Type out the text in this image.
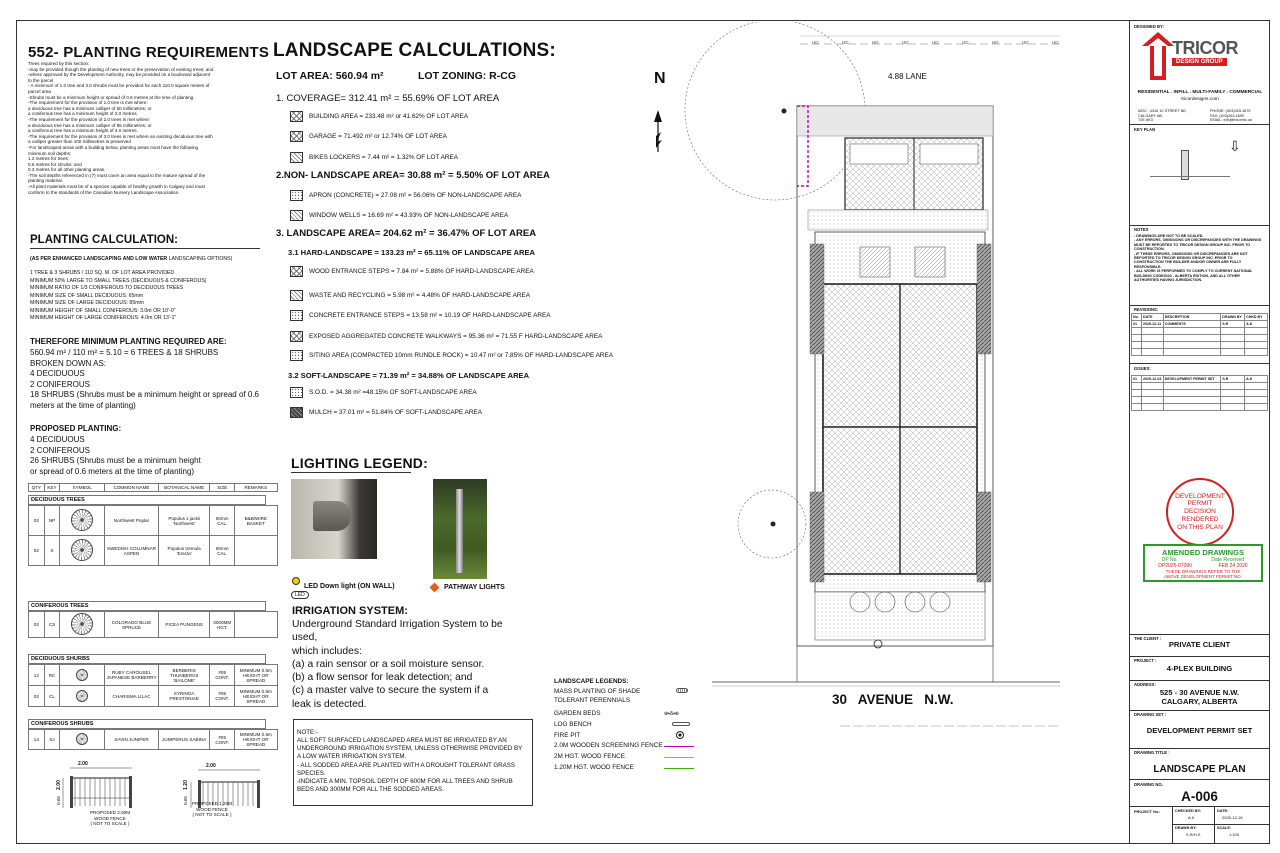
552- PLANTING REQUIREMENTS
Trees required by this section:
-may be provided though the planting of new trees or the preservation of existing trees; and
-where approved by the Development Authority, may be provided on a boulevard adjacent
to the parcel
- A minimum of 1.0 tree and 3.0 shrubs must be provided for each 110.0 square meters of
parcel area
-Shrubs must be a minimum height or spread of 0.6 metres at the time of planting.
-The requirement for the provision of 1.0 tree is met where:
a deciduous tree has a minimum calliper of 50 millimetres; or
a coniferous tree has a minimum height of 2.0 metres.
-The requirement for the provision of 2.0 trees is met where:
a deciduous tree has a minimum calliper of 85 millimetres; or
a coniferous tree has a minimum height of 4.0 metres.
-The requirement for the provision of 3.0 trees is met where an existing deciduous tree with
a calliper greater than 100 millimetres is preserved
-For landscaped areas with a building below, planting areas must have the following
minimum soil depths:
1.2 metres for trees;
0.6 metres for shrubs; and
0.3 metres for all other planting areas.
-The soil depths referenced in (7) must cover an area equal to the mature spread of the
planting material.
-All plant materials must be of a species capable of healthy growth in Calgary and must
conform to the standards of the Canadian Nursery Landscape Association.
PLANTING CALCULATION:
(AS PER ENHANCED LANDSCAPING AND LOW WATER LANDSCAPING OPTIONS)
1 TREE & 3 SHRUBS / 110 SQ. M. OF LOT AREA PROVIDED
MINIMUM 50% LARGE TO SMALL TREES (DECIDUOUS & CONIFEROUS)
MINIMUM RATIO OF 1/3 CONIFEROUS TO DECIDUOUS TREES
MINIMUM SIZE OF SMALL DECIDUOUS: 65mm
MINIMUM SIZE OF LARGE DECIDUOUS: 85mm
MINIMUM HEIGHT OF SMALL CONIFEROUS: 3.0m OR 10'-0"
MINIMUM HEIGHT OF LARGE CONIFEROUS: 4.0m OR 13'-1"
THEREFORE MINIMUM PLANTING REQUIRED ARE:
560.94 m² / 110 m² = 5.10 = 6 TREES & 18 SHRUBS
BROKEN DOWN AS:
4 DECIDUOUS
2 CONIFEROUS
18 SHRUBS (Shrubs must be a minimum height or spread of 0.6
meters at the time of planting)
PROPOSED PLANTING:
4 DECIDUOUS
2 CONIFEROUS
26 SHRUBS (Shrubs must be a minimum height
or spread of 0.6 meters at the time of planting)
QTY	KEY	SYMBOL	COMMON NAME	BOTANICAL NAME	SIZE	REMARKS
DECIDUOUS TREES
02	NP		Northwest Poplar	Populus x jackii 'Northwest'	60mm CAL.	B&B/WIRE BASKET
02	S		SWEDISH COLUMNAR ASPEN	Populus tremula 'Erecta'	60mm CAL.	
CONIFEROUS TREES
02	CS		COLORADO BLUE SPRUCE	PICEA PUNGENS	3000MM HGT.	
DECIDUOUS SHURBS
12	RC		RUBY CAROUSEL JAPANESE BARBERRY	BERBERIS THUNBERGII 'BAILONE'	#05 CONT.	MINIMUM 0.6m HEIGHT OR SPREAD
02	CL		CHARISMA LILAC	SYRINGA PRESTONIAE	#05 CONT.	MINIMUM 0.6m HEIGHT OR SPREAD
CONIFEROUS SHRUBS
14	SJ		SAVIN JUNIPER	JUNIPERUS SABINA	#05 CONT.	MINIMUM 0.6m HEIGHT OR SPREAD
2.00
2.00
0.65
PROPOSED 2.00M
WOOD FENCE
( NOT TO SCALE )
2.00
1.20
0.65 PROPOSED 1.20M
WOOD FENCE
( NOT TO SCALE )
LANDSCAPE CALCULATIONS:
LOT AREA: 560.94 m²	LOT ZONING: R-CG
1. COVERAGE= 312.41 m² = 55.69% OF LOT AREA
BUILDING AREA = 233.48 m² or 41.62% OF LOT AREA
GARAGE = 71.492 m² or 12.74% OF LOT AREA
BIKES LOCKERS = 7.44 m² = 1.32% OF LOT AREA
2.NON- LANDSCAPE AREA= 30.88 m² = 5.50% OF LOT AREA
APRON (CONCRETE) = 27.08 m² = 56.06% OF NON-LANDSCAPE AREA
WINDOW WELLS = 16.69 m² = 43.93% OF NON-LANDSCAPE AREA
3. LANDSCAPE AREA= 204.62 m² = 36.47% OF LOT AREA
3.1 HARD-LANDSCAPE = 133.23 m² = 65.11% OF LANDSCAPE AREA
WOOD ENTRANCE STEPS = 7.84 m² = 5.88% OF HARD-LANDSCAPE AREA
WASTE AND RECYCLING = 5.98 m² = 4.48% OF HARD-LANDSCAPE AREA
CONCRETE ENTRANCE STEPS = 13.58 m² = 10.19 OF HARD-LANDSCAPE AREA
EXPOSED AGGREGATED CONCRETE WALKWAYS = 95.36 m² = 71.55 F HARD-LANDSCAPE AREA
SITING AREA (COMPACTED 10mm RUNDLE ROCK) = 10.47 m² or 7.85% OF HARD-LANDSCAPE AREA
3.2 SOFT-LANDSCAPE = 71.39 m² = 34.88% OF LANDSCAPE AREA
S.O.D. = 34.38 m² =48.15% OF SOFT-LANDSCAPE AREA
MULCH = 37.01 m² = 51.84% OF SOFT-LANDSCAPE AREA
LIGHTING LEGEND:
LED Down light (ON WALL)
LED
PATHWAY LIGHTS
IRRIGATION SYSTEM:
Underground Standard Irrigation System to be
used,
which includes:
(a) a rain sensor or a soil moisture sensor.
(b) a flow sensor for leak detection; and
(c) a master valve to secure the system if a
leak is detected.
NOTE:-
ALL SOFT SURFACED LANDSCAPED AREA MUST BE IRRIGATED BY AN
UNDERGROUND IRRIGATION SYSTEM, UNLESS OTHERWISE PROVIDED BY
A LOW WATER IRRIGATION SYSTEM.
- ALL SODDED AREA ARE PLANTED WITH A DROUGHT TOLERANT GRASS
SPECIES.
-INDICATE A MIN. TOPSOIL DEPTH OF 600M FOR ALL TREES AND SHRUB
BEDS AND 300MM FOR ALL THE SODDED AREAS.
LANDSCAPE LEGENDS:
MASS PLANTING OF SHADE
TOLERANT PERENNIALS
GARDEN BEDS
LOG BENCH
FIRE PIT
2.0M WOODEN SCREENING FENCE
2M HGT. WOOD FENCE
1.20M HGT. WOOD FENCE
⊕•⁂•⊕
N	4.88 LANE
30   AVENUE   N.W.
HD	HD	HD	HD	HD	HD	HD	HD	HD
DESIGNED BY:
TRICOR
DESIGN GROUP
RESIDENTIAL . INFILL . MULTI-FAMILY . COMMERCIAL
tricordesigns.com
#202 - 4316 10 STREET NE,
CALGARY AB,
T2E 6K3
PHONE: (403)263-1675
FAX: (403)263-1690
EMAIL: info@tricorinc.ca
KEY PLAN
⇩
NOTES
- DRAWINGS ARE NOT TO BE SCALED.
- ANY ERRORS, OMISSIONS OR DISCREPANCIES WITH THE DRAWINGS
MUST BE REPORTED TO TRICOR DESIGN GROUP INC. PRIOR TO
CONSTRUCTION.
- IF THESE ERRORS, OMISSIONS OR DISCREPANCIES ARE NOT
REPORTED TO TRICOR DESIGN GROUP INC. PRIOR TO
CONSTRUCTION THE BUILDER AND/OR OWNER ARE FULLY
RESPONSIBLE.
- ALL WORK IS PERFORMED TO COMPLY TO CURRENT NATIONAL
BUILDING CODE2023 - ALBERTA EDITION, AND ALL OTHER
AUTHORITIES HAVING JURISDICTION.
REVISIONS:
No.	DATE	DESCRIPTION	DRAWN BY	CHKD BY
01	2025-12-11	COMMENTS	S.R	A.K

ISSUES:
01	2025-12-03	DEVELOPMENT PERMIT SET	S.R	A.K

DEVELOPMENT
PERMIT
DECISION
RENDERED
ON THIS PLAN
AMENDED DRAWINGS
DP No.	Date Received
DP2025-07090	FEB 24 2026
THESE DRAWINGS REFER TO THE
ABOVE DEVELOPMENT PERMIT NO.
THE CLIENT :
PRIVATE CLIENT
PROJECT :
4-PLEX BUILDING
ADDRESS:
525 - 30 AVENUE N.W.
CALGARY, ALBERTA
DRAWING SET :
DEVELOPMENT PERMIT SET
DRAWING TITLE :
LANDSCAPE PLAN
DRAWING NO.
A-006
PROJECT No.:	CHECKED BY:
A.K
DATE:
2025-12-16
DRAWN BY:
S.R/H.S
SCALE:
1:100
